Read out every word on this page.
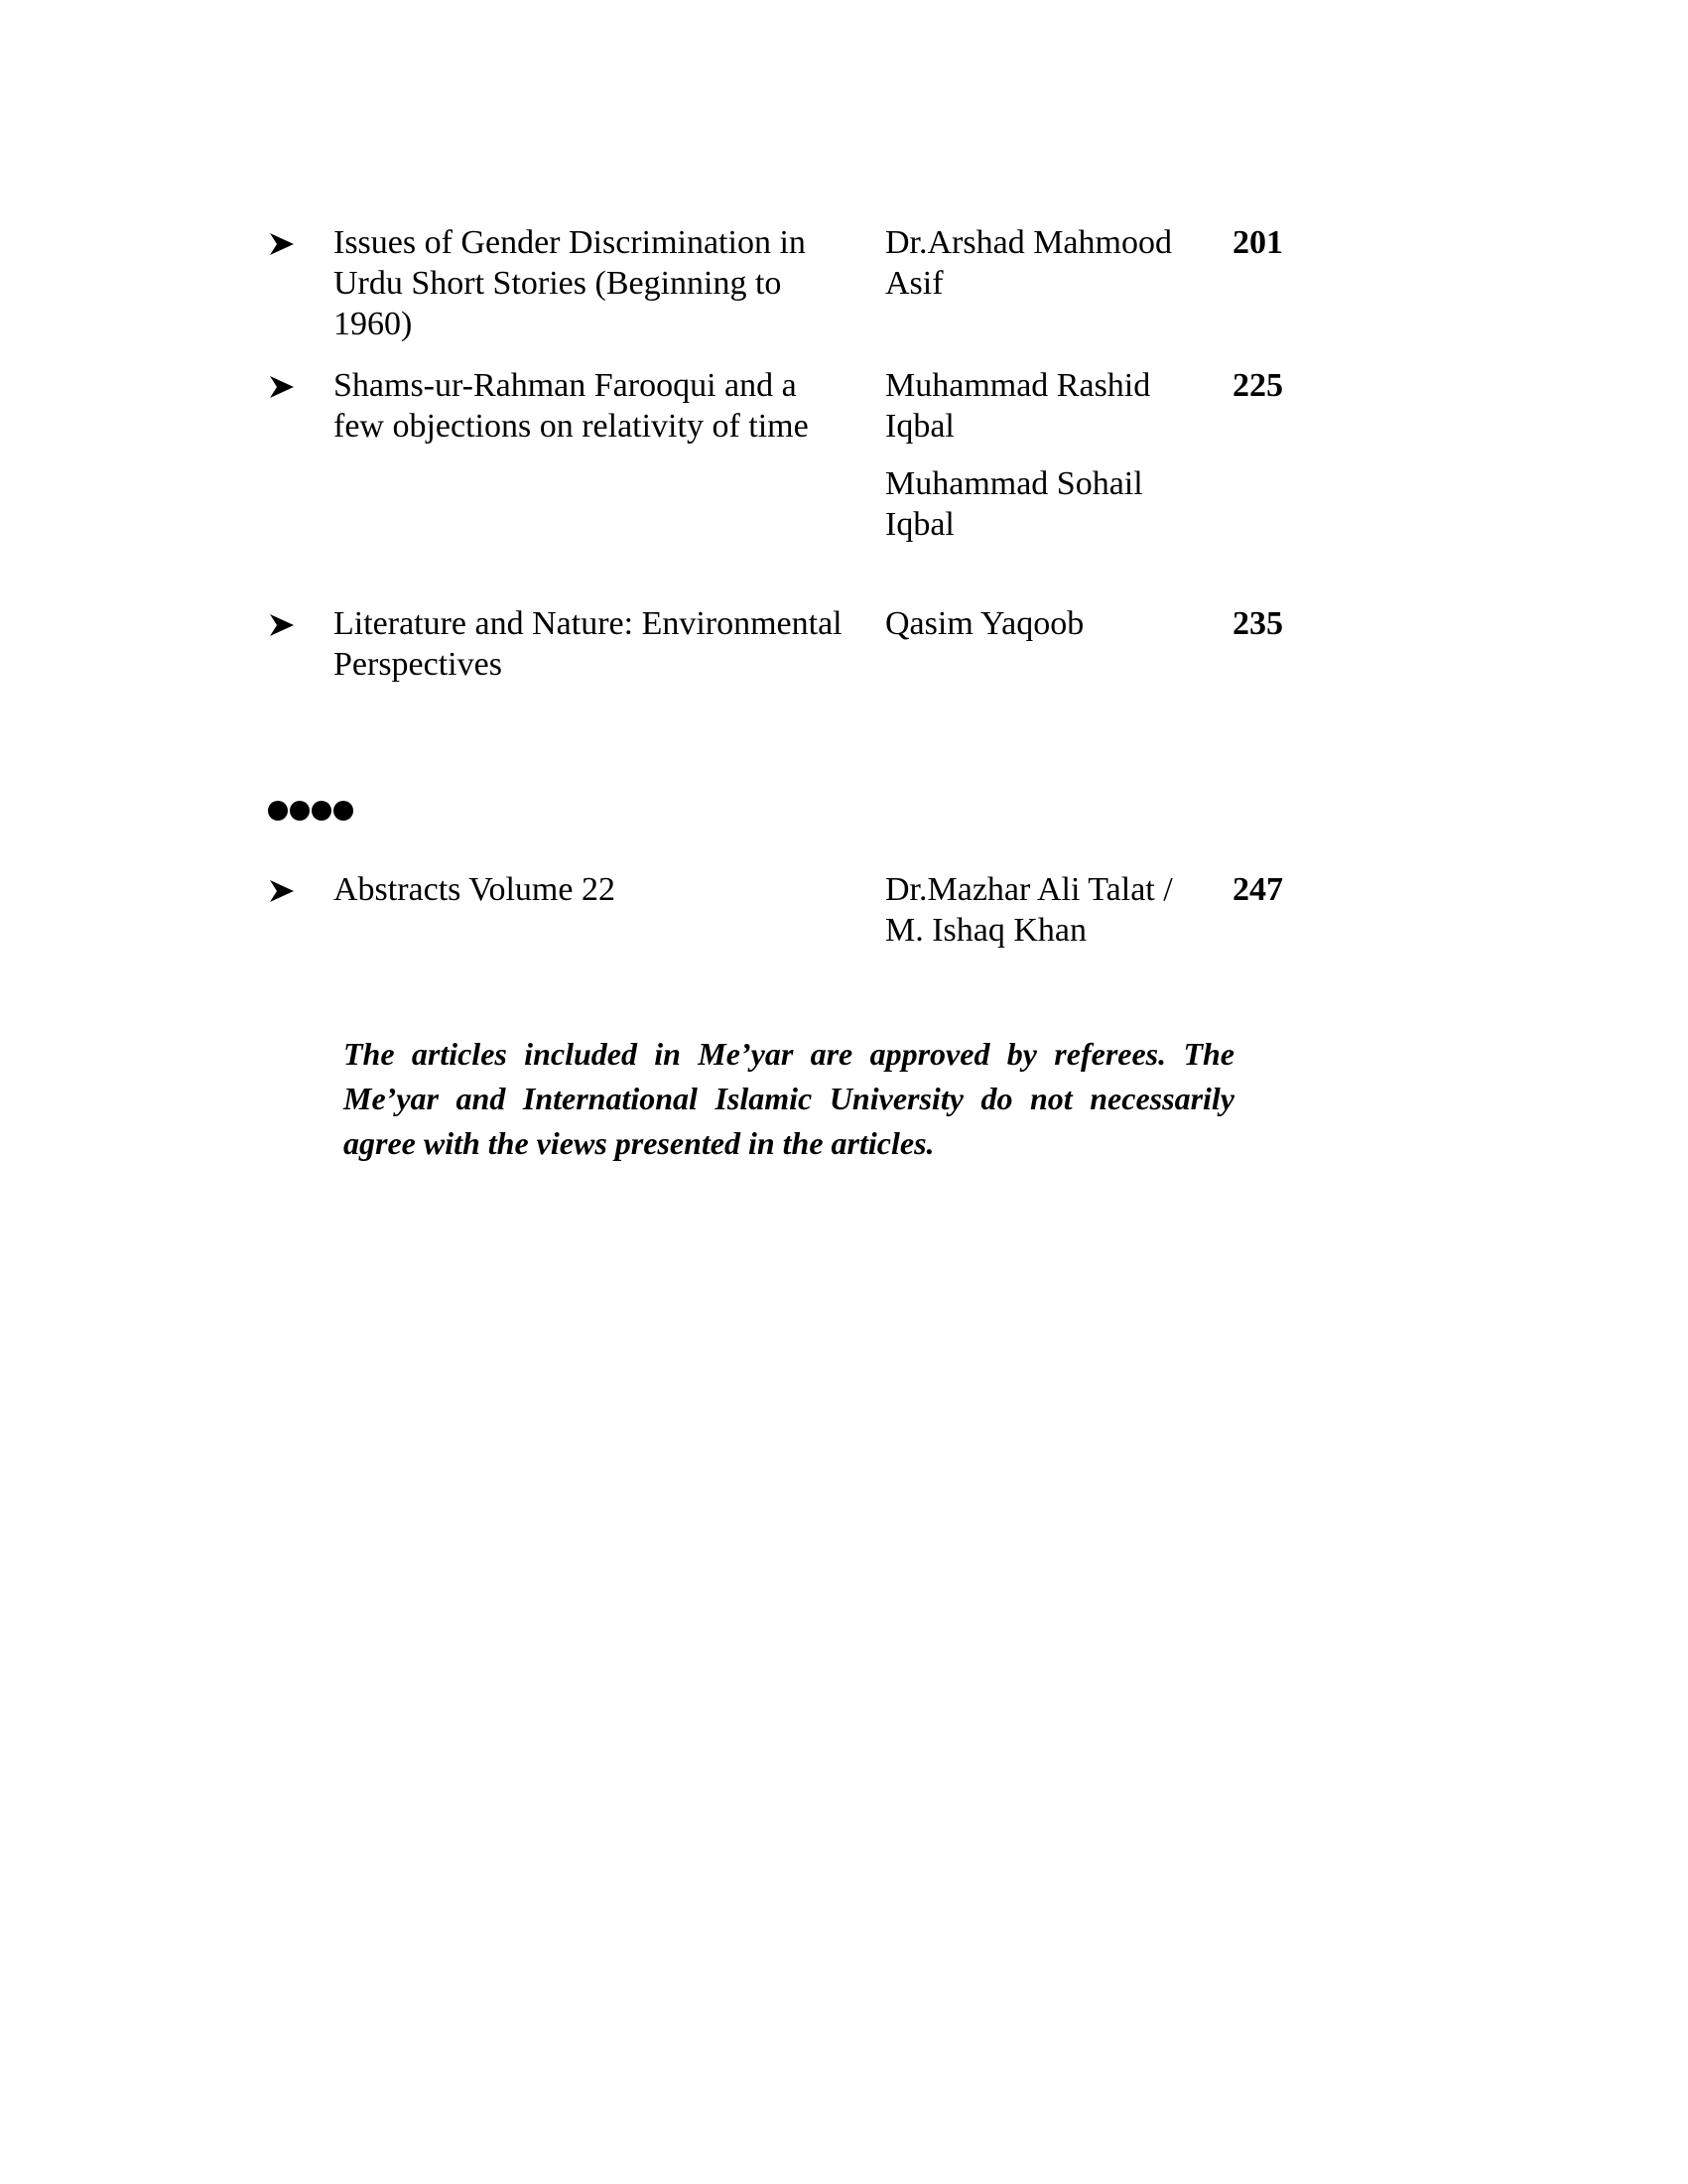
Issues of Gender Discrimination in Urdu Short Stories (Beginning to 1960)
Dr.Arshad Mahmood Asif
201
Shams-ur-Rahman Farooqui and a few objections on relativity of time
Muhammad Rashid Iqbal
Muhammad Sohail Iqbal
225
Literature and Nature: Environmental Perspectives
Qasim Yaqoob	235
Abstracts Volume 22	Dr.Mazhar Ali Talat / M. Ishaq Khan
247
The articles included in Me’yar are approved by referees. The Me’yar and International Islamic University do not necessarily agree with the views presented in the articles.
